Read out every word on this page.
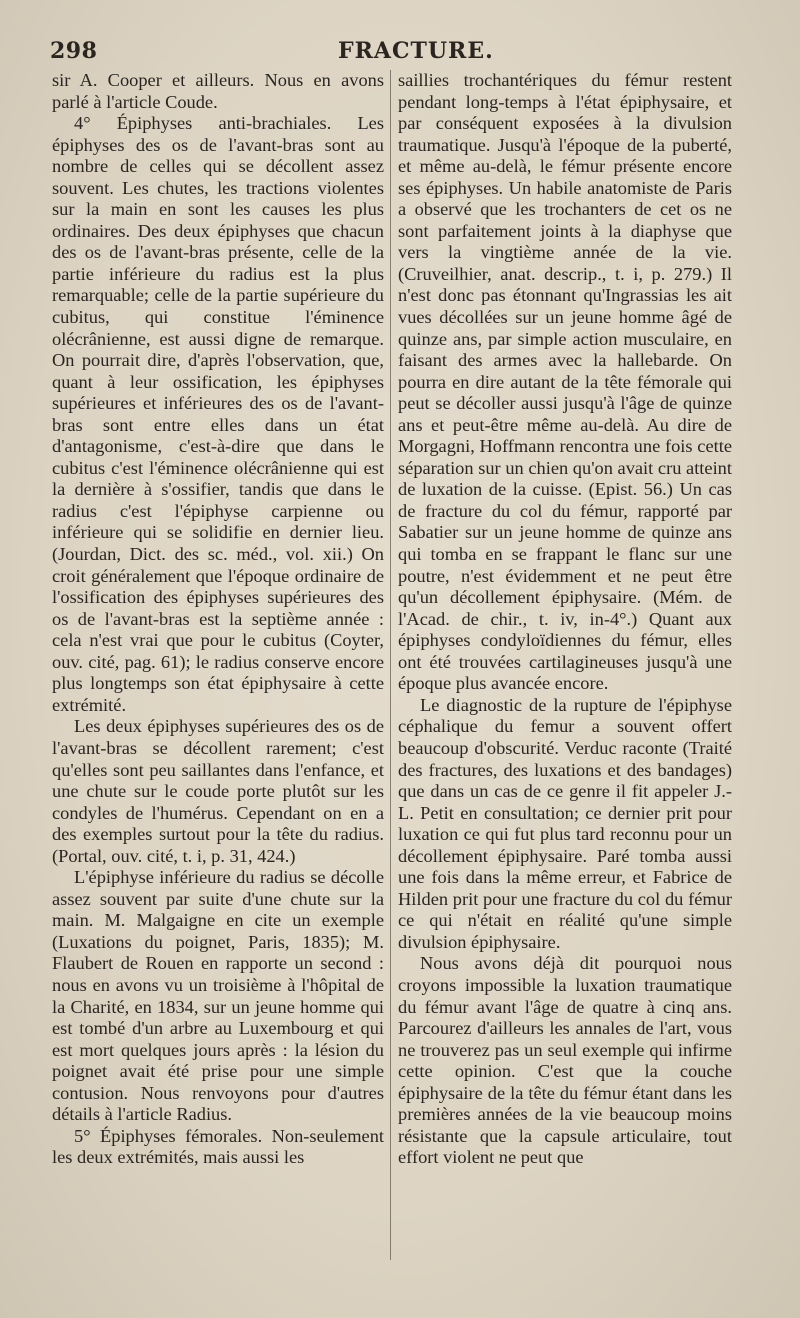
298	FRACTURE.

sir A. Cooper et ailleurs. Nous en avons parlé à l'article Coude.

4° Épiphyses anti-brachiales. Les épiphyses des os de l'avant-bras sont au nombre de celles qui se décollent assez souvent. Les chutes, les tractions violentes sur la main en sont les causes les plus ordinaires. Des deux épiphyses que chacun des os de l'avant-bras présente, celle de la partie inférieure du radius est la plus remarquable; celle de la partie supérieure du cubitus, qui constitue l'éminence olécrânienne, est aussi digne de remarque. On pourrait dire, d'après l'observation, que, quant à leur ossification, les épiphyses supérieures et inférieures des os de l'avant-bras sont entre elles dans un état d'antagonisme, c'est-à-dire que dans le cubitus c'est l'éminence olécrânienne qui est la dernière à s'ossifier, tandis que dans le radius c'est l'épiphyse carpienne ou inférieure qui se solidifie en dernier lieu. (Jourdan, Dict. des sc. méd., vol. xii.) On croit généralement que l'époque ordinaire de l'ossification des épiphyses supérieures des os de l'avant-bras est la septième année : cela n'est vrai que pour le cubitus (Coyter, ouv. cité, pag. 61); le radius conserve encore plus longtemps son état épiphysaire à cette extrémité.

Les deux épiphyses supérieures des os de l'avant-bras se décollent rarement; c'est qu'elles sont peu saillantes dans l'enfance, et une chute sur le coude porte plutôt sur les condyles de l'humérus. Cependant on en a des exemples surtout pour la tête du radius. (Portal, ouv. cité, t. i, p. 31, 424.)

L'épiphyse inférieure du radius se décolle assez souvent par suite d'une chute sur la main. M. Malgaigne en cite un exemple (Luxations du poignet, Paris, 1835); M. Flaubert de Rouen en rapporte un second : nous en avons vu un troisième à l'hôpital de la Charité, en 1834, sur un jeune homme qui est tombé d'un arbre au Luxembourg et qui est mort quelques jours après : la lésion du poignet avait été prise pour une simple contusion. Nous renvoyons pour d'autres détails à l'article Radius.

5° Épiphyses fémorales. Non-seulement les deux extrémités, mais aussi les

saillies trochantériques du fémur restent pendant long-temps à l'état épiphysaire, et par conséquent exposées à la divulsion traumatique. Jusqu'à l'époque de la puberté, et même au-delà, le fémur présente encore ses épiphyses. Un habile anatomiste de Paris a observé que les trochanters de cet os ne sont parfaitement joints à la diaphyse que vers la vingtième année de la vie. (Cruveilhier, anat. descrip., t. i, p. 279.) Il n'est donc pas étonnant qu'Ingrassias les ait vues décollées sur un jeune homme âgé de quinze ans, par simple action musculaire, en faisant des armes avec la hallebarde. On pourra en dire autant de la tête fémorale qui peut se décoller aussi jusqu'à l'âge de quinze ans et peut-être même au-delà. Au dire de Morgagni, Hoffmann rencontra une fois cette séparation sur un chien qu'on avait cru atteint de luxation de la cuisse. (Epist. 56.) Un cas de fracture du col du fémur, rapporté par Sabatier sur un jeune homme de quinze ans qui tomba en se frappant le flanc sur une poutre, n'est évidemment et ne peut être qu'un décollement épiphysaire. (Mém. de l'Acad. de chir., t. iv, in-4°.) Quant aux épiphyses condyloïdiennes du fémur, elles ont été trouvées cartilagineuses jusqu'à une époque plus avancée encore.

Le diagnostic de la rupture de l'épiphyse céphalique du femur a souvent offert beaucoup d'obscurité. Verduc raconte (Traité des fractures, des luxations et des bandages) que dans un cas de ce genre il fit appeler J.-L. Petit en consultation; ce dernier prit pour luxation ce qui fut plus tard reconnu pour un décollement épiphysaire. Paré tomba aussi une fois dans la même erreur, et Fabrice de Hilden prit pour une fracture du col du fémur ce qui n'était en réalité qu'une simple divulsion épiphysaire.

Nous avons déjà dit pourquoi nous croyons impossible la luxation traumatique du fémur avant l'âge de quatre à cinq ans. Parcourez d'ailleurs les annales de l'art, vous ne trouverez pas un seul exemple qui infirme cette opinion. C'est que la couche épiphysaire de la tête du fémur étant dans les premières années de la vie beaucoup moins résistante que la capsule articulaire, tout effort violent ne peut que
